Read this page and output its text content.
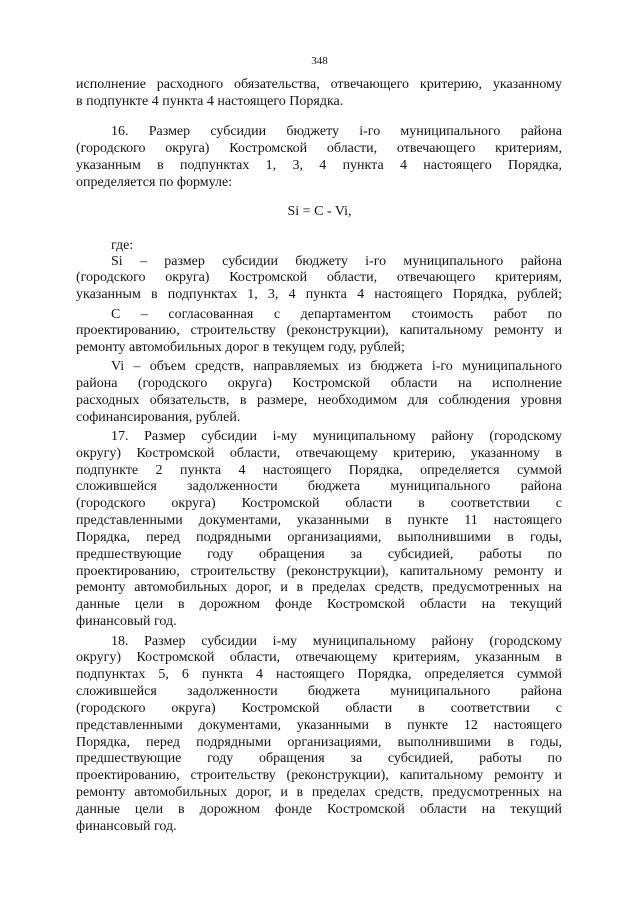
348
исполнение расходного обязательства, отвечающего критерию, указанному
в подпункте 4 пункта 4 настоящего Порядка.
16. Размер субсидии бюджету i-го муниципального района
(городского округа) Костромской области, отвечающего критериям,
указанным в подпунктах 1, 3, 4 пункта 4 настоящего Порядка,
определяется по формуле:
где:
Si – размер субсидии бюджету i-го муниципального района
(городского округа) Костромской области, отвечающего критериям,
указанным в подпунктах 1, 3, 4 пункта 4 настоящего Порядка, рублей;
С – согласованная с департаментом стоимость работ по
проектированию, строительству (реконструкции), капитальному ремонту и
ремонту автомобильных дорог в текущем году, рублей;
Vi – объем средств, направляемых из бюджета i-го муниципального
района (городского округа) Костромской области на исполнение
расходных обязательств, в размере, необходимом для соблюдения уровня
софинансирования, рублей.
17. Размер субсидии i-му муниципальному району (городскому
округу) Костромской области, отвечающему критерию, указанному в
подпункте 2 пункта 4 настоящего Порядка, определяется суммой
сложившейся задолженности бюджета муниципального района
(городского округа) Костромской области в соответствии с
представленными документами, указанными в пункте 11 настоящего
Порядка, перед подрядными организациями, выполнившими в годы,
предшествующие году обращения за субсидией, работы по
проектированию, строительству (реконструкции), капитальному ремонту и
ремонту автомобильных дорог, и в пределах средств, предусмотренных на
данные цели в дорожном фонде Костромской области на текущий
финансовый год.
18. Размер субсидии i-му муниципальному району (городскому
округу) Костромской области, отвечающему критериям, указанным в
подпунктах 5, 6 пункта 4 настоящего Порядка, определяется суммой
сложившейся задолженности бюджета муниципального района
(городского округа) Костромской области в соответствии с
представленными документами, указанными в пункте 12 настоящего
Порядка, перед подрядными организациями, выполнившими в годы,
предшествующие году обращения за субсидией, работы по
проектированию, строительству (реконструкции), капитальному ремонту и
ремонту автомобильных дорог, и в пределах средств, предусмотренных на
данные цели в дорожном фонде Костромской области на текущий
финансовый год.
Si = C - Vi,
